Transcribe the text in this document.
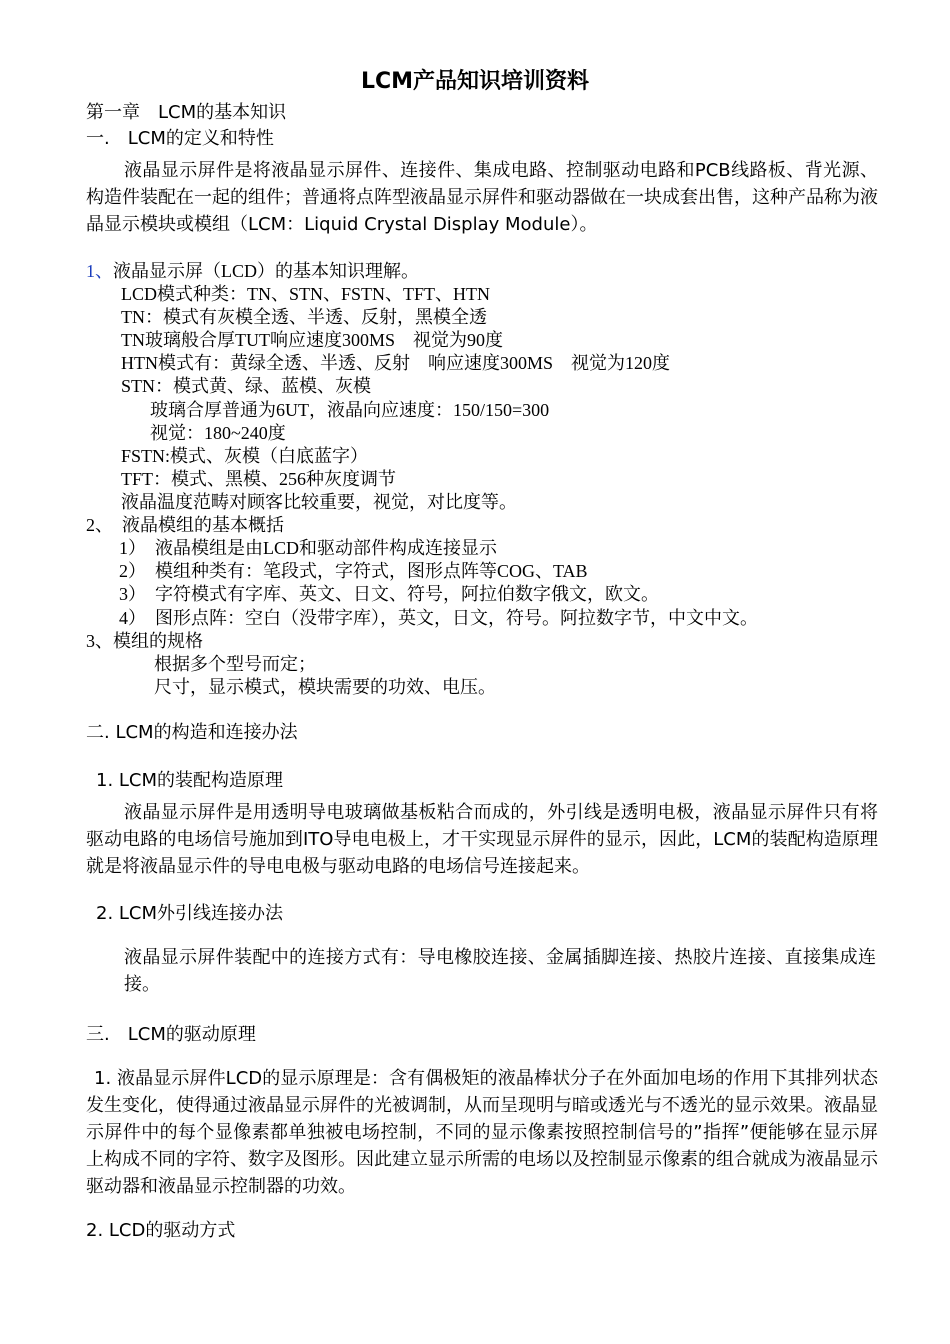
LCM产品知识培训资料
第一章　LCM的基本知识
一.　LCM的定义和特性
液晶显示屏件是将液晶显示屏件、连接件、集成电路、控制驱动电路和PCB线路板、背光源、构造件装配在一起的组件；普通将点阵型液晶显示屏件和驱动器做在一块成套出售，这种产品称为液晶显示模块或模组（LCM：Liquid Crystal Display Module）。
1、液晶显示屏（LCD）的基本知识理解。
LCD模式种类：TN、STN、FSTN、TFT、HTN
TN：模式有灰模全透、半透、反射，黑模全透
TN玻璃般合厚TUT响应速度300MS　视觉为90度
HTN模式有：黄绿全透、半透、反射　响应速度300MS　视觉为120度
STN：模式黄、绿、蓝模、灰模
玻璃合厚普通为6UT，液晶向应速度：150/150=300
视觉：180~240度
FSTN:模式、灰模（白底蓝字）
TFT：模式、黑模、256种灰度调节
液晶温度范畴对顾客比较重要，视觉，对比度等。
2、　液晶模组的基本概括
1）　液晶模组是由LCD和驱动部件构成连接显示
2）　模组种类有：笔段式，字符式，图形点阵等COG、TAB
3）　字符模式有字库、英文、日文、符号，阿拉伯数字俄文，欧文。
4）　图形点阵：空白（没带字库），英文，日文，符号。阿拉数字节，中文中文。
3、模组的规格
根据多个型号而定；
尺寸，显示模式，模块需要的功效、电压。
二. LCM的构造和连接办法
1. LCM的装配构造原理
液晶显示屏件是用透明导电玻璃做基板粘合而成的，外引线是透明电极，液晶显示屏件只有将驱动电路的电场信号施加到ITO导电电极上，才干实现显示屏件的显示，因此，LCM的装配构造原理就是将液晶显示件的导电电极与驱动电路的电场信号连接起来。
2. LCM外引线连接办法
液晶显示屏件装配中的连接方式有：导电橡胶连接、金属插脚连接、热胶片连接、直接集成连接。
三.　LCM的驱动原理
1. 液晶显示屏件LCD的显示原理是：含有偶极矩的液晶棒状分子在外面加电场的作用下其排列状态发生变化，使得通过液晶显示屏件的光被调制，从而呈现明与暗或透光与不透光的显示效果。液晶显示屏件中的每个显像素都单独被电场控制，不同的显示像素按照控制信号的”指挥”便能够在显示屏上构成不同的字符、数字及图形。因此建立显示所需的电场以及控制显示像素的组合就成为液晶显示驱动器和液晶显示控制器的功效。
2. LCD的驱动方式
